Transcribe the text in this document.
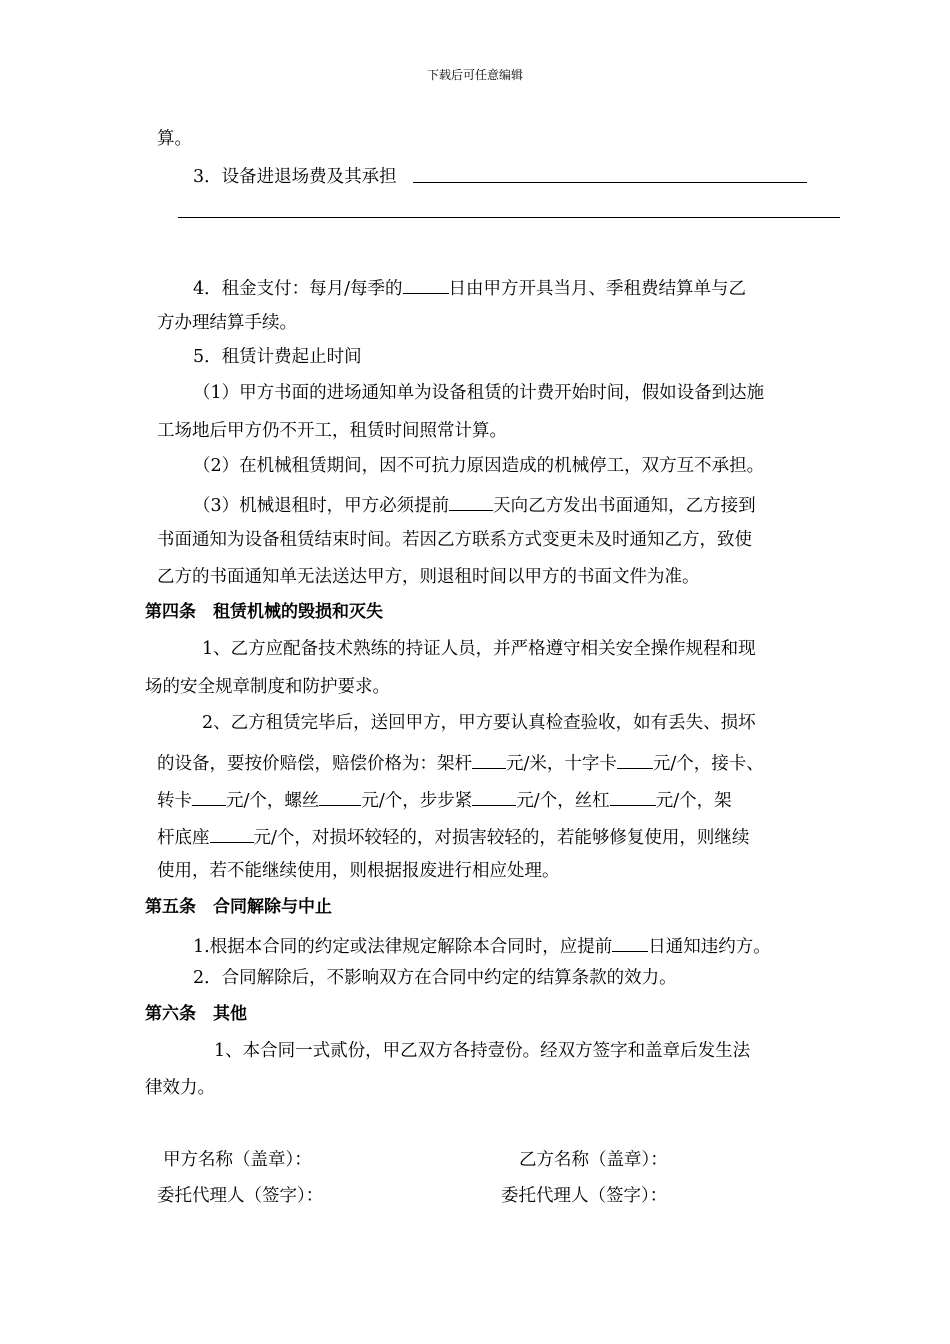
下载后可任意编辑
算。
3．设备进退场费及其承担
4．租金支付：每月/每季的	日由甲方开具当月、季租费结算单与乙
方办理结算手续。
5．租赁计费起止时间
（1）甲方书面的进场通知单为设备租赁的计费开始时间，假如设备到达施
工场地后甲方仍不开工，租赁时间照常计算。
（2）在机械租赁期间，因不可抗力原因造成的机械停工，双方互不承担。
（3）机械退租时，甲方必须提前	天向乙方发出书面通知，乙方接到
书面通知为设备租赁结束时间。若因乙方联系方式变更未及时通知乙方，致使
乙方的书面通知单无法送达甲方，则退租时间以甲方的书面文件为准。
第四条　租赁机械的毁损和灭失
1、乙方应配备技术熟练的持证人员，并严格遵守相关安全操作规程和现
场的安全规章制度和防护要求。
2、乙方租赁完毕后，送回甲方，甲方要认真检查验收，如有丢失、损坏
的设备，要按价赔偿，赔偿价格为：架杆 元/米，十字卡 元/个，接卡、
转卡 元/个，螺丝 元/个，步步紧	元/个，丝杠	元/个，架
杆底座	元/个，对损坏较轻的，对损害较轻的，若能够修复使用，则继续
使用，若不能继续使用，则根据报废进行相应处理。
第五条　合同解除与中止
1.根据本合同的约定或法律规定解除本合同时，应提前 日通知违约方。
2．合同解除后，不影响双方在合同中约定的结算条款的效力。
第六条　其他
1、本合同一式贰份，甲乙双方各持壹份。经双方签字和盖章后发生法
律效力。
甲方名称（盖章）：	乙方名称（盖章）：
委托代理人（签字）：	委托代理人（签字）：
